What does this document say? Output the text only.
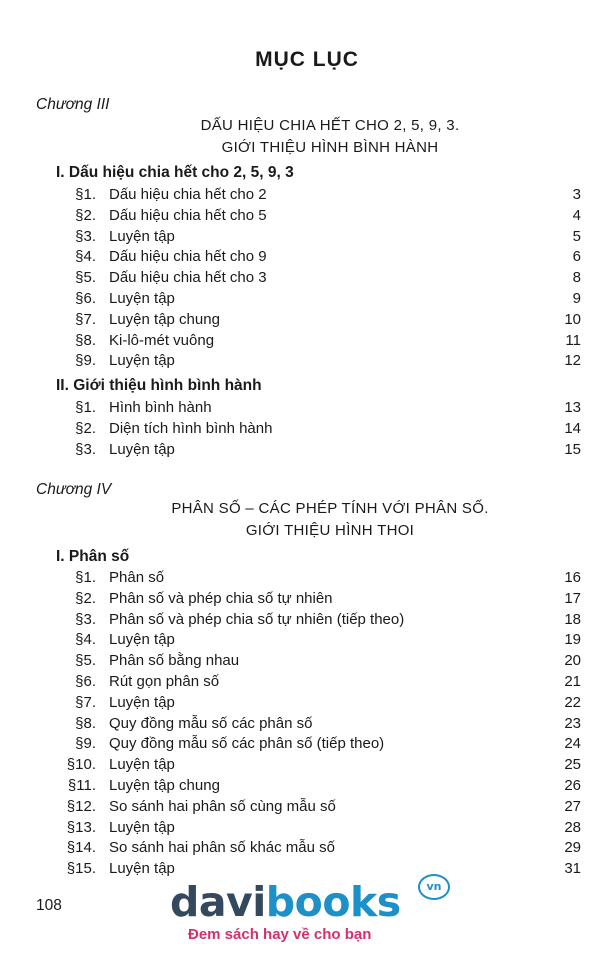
MỤC LỤC
Chương III
DẤU HIỆU CHIA HẾT CHO 2, 5, 9, 3.
GIỚI THIỆU HÌNH BÌNH HÀNH
I. Dấu hiệu chia hết cho 2, 5, 9, 3
§1. Dấu hiệu chia hết cho 2	3
§2. Dấu hiệu chia hết cho 5	4
§3. Luyện tập	5
§4. Dấu hiệu chia hết cho 9	6
§5. Dấu hiệu chia hết cho 3	8
§6. Luyện tập	9
§7. Luyện tập chung	10
§8. Ki-lô-mét vuông	11
§9. Luyện tập	12
II. Giới thiệu hình bình hành
§1. Hình bình hành	13
§2. Diện tích hình bình hành	14
§3. Luyện tập	15
Chương IV
PHÂN SỐ – CÁC PHÉP TÍNH VỚI PHÂN SỐ.
GIỚI THIỆU HÌNH THOI
I. Phân số
§1. Phân số	16
§2. Phân số và phép chia số tự nhiên	17
§3. Phân số và phép chia số tự nhiên (tiếp theo)	18
§4. Luyện tập	19
§5. Phân số bằng nhau	20
§6. Rút gọn phân số	21
§7. Luyện tập	22
§8. Quy đồng mẫu số các phân số	23
§9. Quy đồng mẫu số các phân số (tiếp theo)	24
§10. Luyện tập	25
§11. Luyện tập chung	26
§12. So sánh hai phân số cùng mẫu số	27
§13. Luyện tập	28
§14. So sánh hai phân số khác mẫu số	29
§15. Luyện tập	31
108	davibooks	vn
Đem sách hay về cho bạn
